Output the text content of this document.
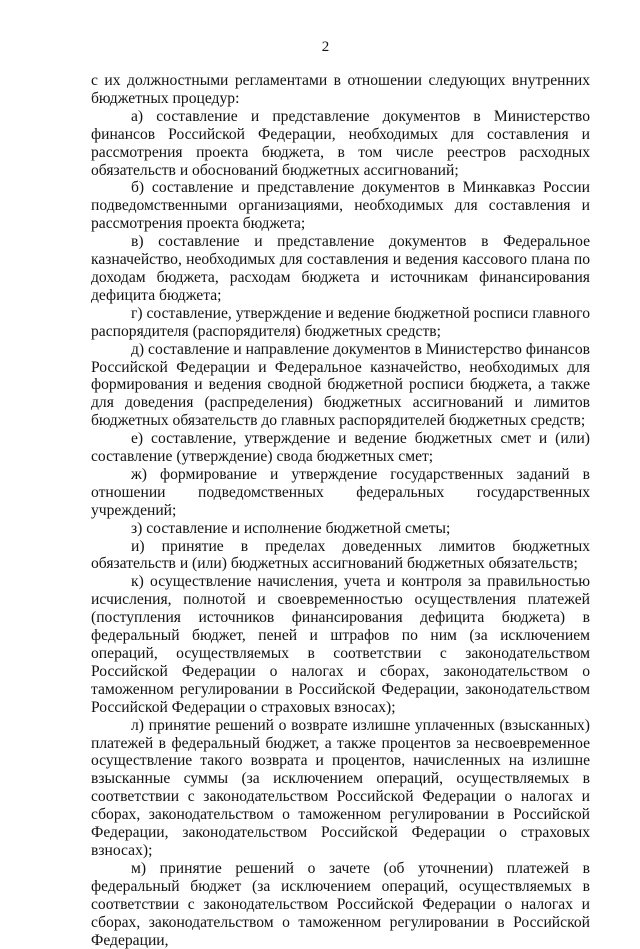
2

с их должностными регламентами в отношении следующих внутренних бюджетных процедур:

а) составление и представление документов в Министерство финансов Российской Федерации, необходимых для составления и рассмотрения проекта бюджета, в том числе реестров расходных обязательств и обоснований бюджетных ассигнований;

б) составление и представление документов в Минкавказ России подведомственными организациями, необходимых для составления и рассмотрения проекта бюджета;

в) составление и представление документов в Федеральное казначейство, необходимых для составления и ведения кассового плана по доходам бюджета, расходам бюджета и источникам финансирования дефицита бюджета;

г) составление, утверждение и ведение бюджетной росписи главного распорядителя (распорядителя) бюджетных средств;

д) составление и направление документов в Министерство финансов Российской Федерации и Федеральное казначейство, необходимых для формирования и ведения сводной бюджетной росписи бюджета, а также для доведения (распределения) бюджетных ассигнований и лимитов бюджетных обязательств до главных распорядителей бюджетных средств;

е) составление, утверждение и ведение бюджетных смет и (или) составление (утверждение) свода бюджетных смет;

ж) формирование и утверждение государственных заданий в отношении подведомственных федеральных государственных учреждений;

з) составление и исполнение бюджетной сметы;

и) принятие в пределах доведенных лимитов бюджетных обязательств и (или) бюджетных ассигнований бюджетных обязательств;

к) осуществление начисления, учета и контроля за правильностью исчисления, полнотой и своевременностью осуществления платежей (поступления источников финансирования дефицита бюджета) в федеральный бюджет, пеней и штрафов по ним (за исключением операций, осуществляемых в соответствии с законодательством Российской Федерации о налогах и сборах, законодательством о таможенном регулировании в Российской Федерации, законодательством Российской Федерации о страховых взносах);

л) принятие решений о возврате излишне уплаченных (взысканных) платежей в федеральный бюджет, а также процентов за несвоевременное осуществление такого возврата и процентов, начисленных на излишне взысканные суммы (за исключением операций, осуществляемых в соответствии с законодательством Российской Федерации о налогах и сборах, законодательством о таможенном регулировании в Российской Федерации, законодательством Российской Федерации о страховых взносах);

м) принятие решений о зачете (об уточнении) платежей в федеральный бюджет (за исключением операций, осуществляемых в соответствии с законодательством Российской Федерации о налогах и сборах, законодательством о таможенном регулировании в Российской Федерации,
